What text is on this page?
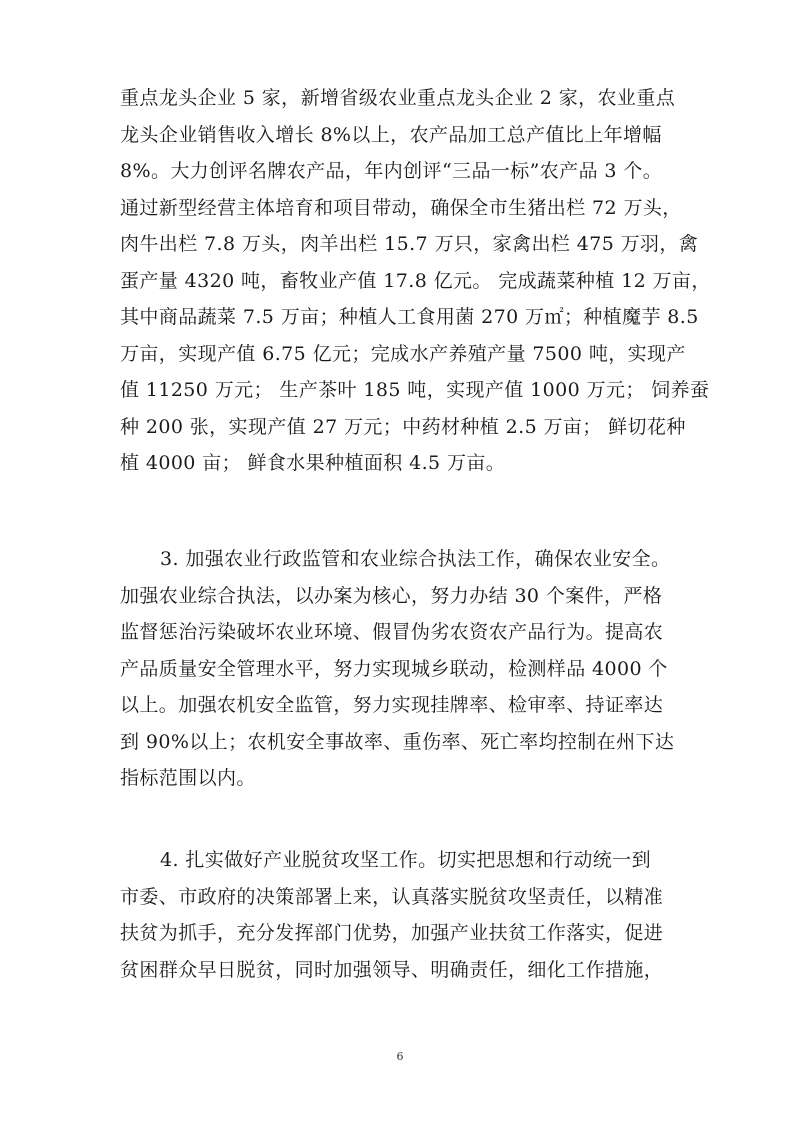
重点龙头企业 5 家，新增省级农业重点龙头企业 2 家，农业重点
龙头企业销售收入增长 8%以上，农产品加工总产值比上年增幅
8%。大力创评名牌农产品，年内创评“三品一标”农产品 3 个。
通过新型经营主体培育和项目带动，确保全市生猪出栏 72 万头，
肉牛出栏 7.8 万头，肉羊出栏 15.7 万只，家禽出栏 475 万羽，禽
蛋产量 4320 吨，畜牧业产值 17.8 亿元。 完成蔬菜种植 12 万亩，
其中商品蔬菜 7.5 万亩；种植人工食用菌 270 万㎡；种植魔芋 8.5
万亩，实现产值 6.75 亿元；完成水产养殖产量 7500 吨，实现产
值 11250 万元； 生产茶叶 185 吨，实现产值 1000 万元； 饲养蚕
种 200 张，实现产值 27 万元；中药材种植 2.5 万亩； 鲜切花种
植 4000 亩； 鲜食水果种植面积 4.5 万亩。
3. 加强农业行政监管和农业综合执法工作，确保农业安全。
加强农业综合执法，以办案为核心，努力办结 30 个案件，严格
监督惩治污染破坏农业环境、假冒伪劣农资农产品行为。提高农
产品质量安全管理水平，努力实现城乡联动，检测样品 4000 个
以上。加强农机安全监管，努力实现挂牌率、检审率、持证率达
到 90%以上；农机安全事故率、重伤率、死亡率均控制在州下达
指标范围以内。
4. 扎实做好产业脱贫攻坚工作。切实把思想和行动统一到
市委、市政府的决策部署上来，认真落实脱贫攻坚责任，以精准
扶贫为抓手，充分发挥部门优势，加强产业扶贫工作落实，促进
贫困群众早日脱贫，同时加强领导、明确责任，细化工作措施，
6
